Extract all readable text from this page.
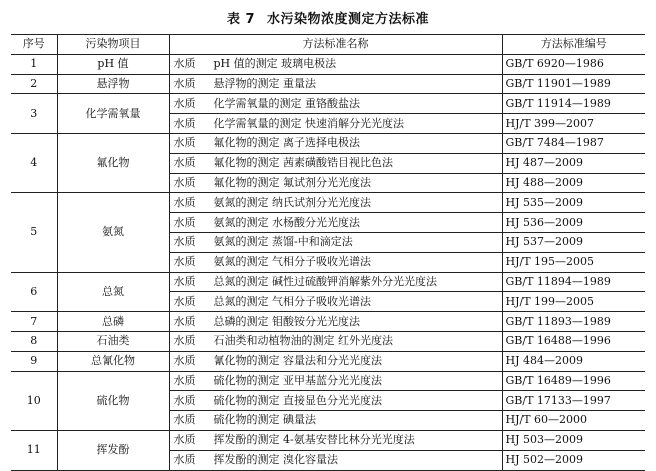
表 7 水污染物浓度测定方法标准
序号	污染物项目	方法标准名称	方法标准编号
1	pH 值	水质 pH 值的测定 玻璃电极法	GB/T 6920—1986
2	悬浮物	水质 悬浮物的测定 重量法	GB/T 11901—1989
3	化学需氧量	水质 化学需氧量的测定 重铬酸盐法	GB/T 11914—1989
		水质 化学需氧量的测定 快速消解分光光度法	HJ/T 399—2007
4	氟化物	水质 氟化物的测定 离子选择电极法	GB/T 7484—1987
		水质 氟化物的测定 茜素磺酸锆目视比色法	HJ 487—2009
		水质 氟化物的测定 氟试剂分光光度法	HJ 488—2009
5	氨氮	水质 氨氮的测定 纳氏试剂分光光度法	HJ 535—2009
		水质 氨氮的测定 水杨酸分光光度法	HJ 536—2009
		水质 氨氮的测定 蒸馏-中和滴定法	HJ 537—2009
		水质 氨氮的测定 气相分子吸收光谱法	HJ/T 195—2005
6	总氮	水质 总氮的测定 碱性过硫酸钾消解紫外分光光度法	GB/T 11894—1989
		水质 总氮的测定 气相分子吸收光谱法	HJ/T 199—2005
7	总磷	水质 总磷的测定 钼酸铵分光光度法	GB/T 11893—1989
8	石油类	水质 石油类和动植物油的测定 红外光度法	GB/T 16488—1996
9	总氰化物	水质 氰化物的测定 容量法和分光光度法	HJ 484—2009
10	硫化物	水质 硫化物的测定 亚甲基蓝分光光度法	GB/T 16489—1996
		水质 硫化物的测定 直接显色分光光度法	GB/T 17133—1997
		水质 硫化物的测定 碘量法	HJ/T 60—2000
11	挥发酚	水质 挥发酚的测定 4-氨基安替比林分光光度法	HJ 503—2009
		水质 挥发酚的测定 溴化容量法	HJ 502—2009
